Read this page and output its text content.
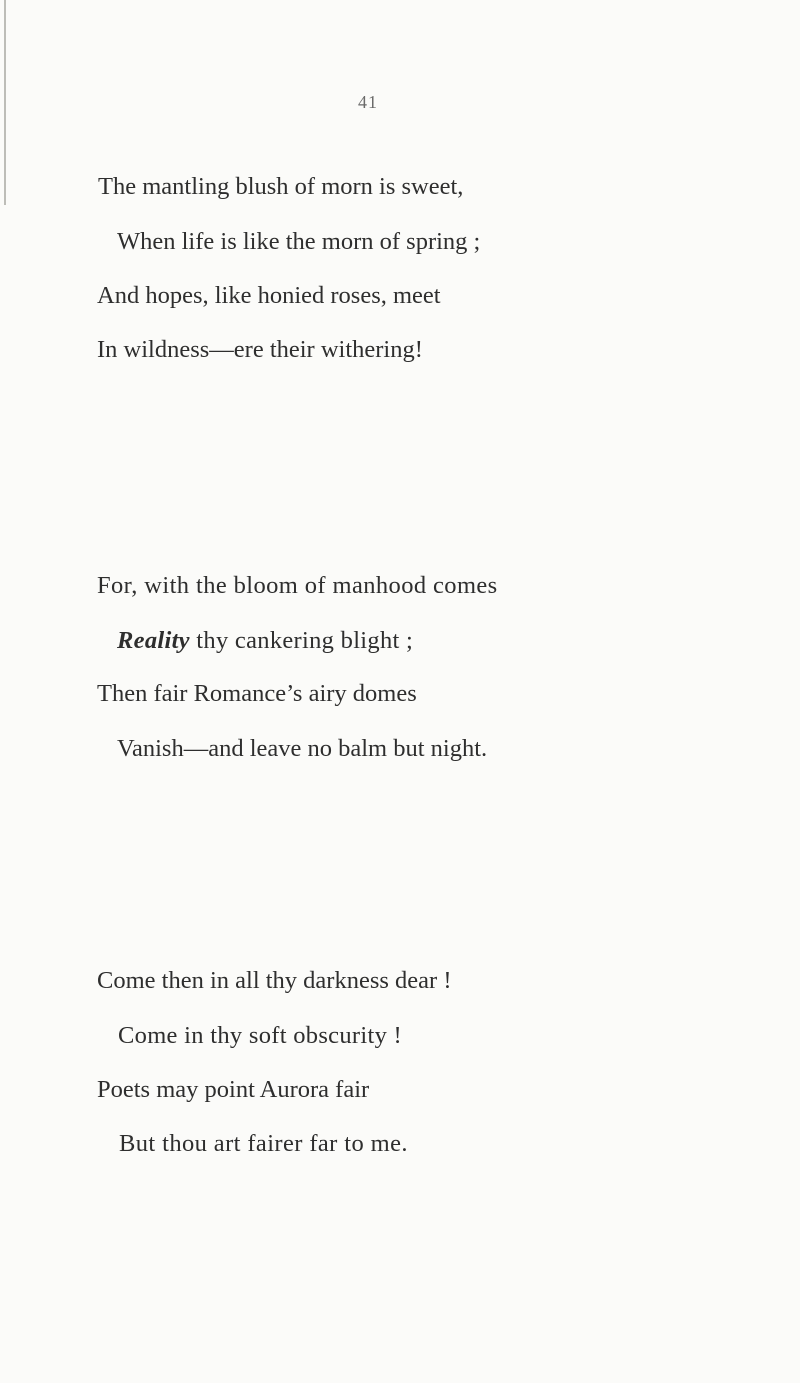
41
The mantling blush of morn is sweet,
When life is like the morn of spring ;
And hopes, like honied roses, meet
In wildness—ere their withering!
For, with the bloom of manhood comes
Reality thy cankering blight ;
Then fair Romance’s airy domes
Vanish—and leave no balm but night.
Come then in all thy darkness dear !
Come in thy soft obscurity !
Poets may point Aurora fair
But thou art fairer far to me.
